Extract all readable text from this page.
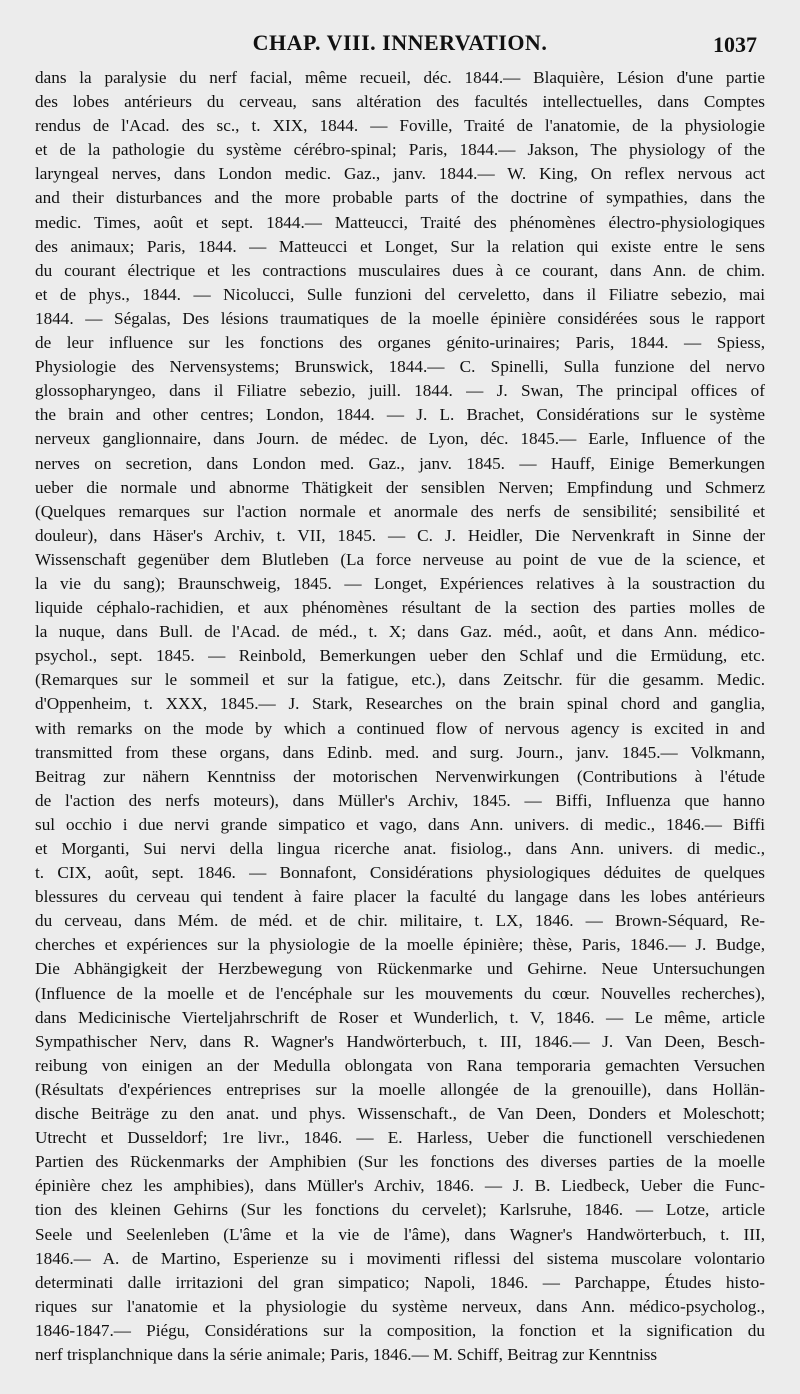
CHAP. VIII. INNERVATION.	1037
dans la paralysie du nerf facial, même recueil, déc. 1844.— Blaquière, Lésion d'une partie
des lobes antérieurs du cerveau, sans altération des facultés intellectuelles, dans Comptes
rendus de l'Acad. des sc., t. XIX, 1844. — Foville, Traité de l'anatomie, de la physiologie
et de la pathologie du système cérébro-spinal; Paris, 1844.— Jakson, The physiology of the
laryngeal nerves, dans London medic. Gaz., janv. 1844.— W. King, On reflex nervous act
and their disturbances and the more probable parts of the doctrine of sympathies, dans the
medic. Times, août et sept. 1844.— Matteucci, Traité des phénomènes électro-physiologiques
des animaux; Paris, 1844. — Matteucci et Longet, Sur la relation qui existe entre le sens
du courant électrique et les contractions musculaires dues à ce courant, dans Ann. de chim.
et de phys., 1844. — Nicolucci, Sulle funzioni del cerveletto, dans il Filiatre sebezio, mai
1844. — Ségalas, Des lésions traumatiques de la moelle épinière considérées sous le rapport
de leur influence sur les fonctions des organes génito-urinaires; Paris, 1844. — Spiess,
Physiologie des Nervensystems; Brunswick, 1844.— C. Spinelli, Sulla funzione del nervo
glossopharyngeo, dans il Filiatre sebezio, juill. 1844. — J. Swan, The principal offices of
the brain and other centres; London, 1844. — J. L. Brachet, Considérations sur le système
nerveux ganglionnaire, dans Journ. de médec. de Lyon, déc. 1845.— Earle, Influence of the
nerves on secretion, dans London med. Gaz., janv. 1845. — Hauff, Einige Bemerkungen
ueber die normale und abnorme Thätigkeit der sensiblen Nerven; Empfindung und Schmerz
(Quelques remarques sur l'action normale et anormale des nerfs de sensibilité; sensibilité et
douleur), dans Häser's Archiv, t. VII, 1845. — C. J. Heidler, Die Nervenkraft in Sinne der
Wissenschaft gegenüber dem Blutleben (La force nerveuse au point de vue de la science, et
la vie du sang); Braunschweig, 1845. — Longet, Expériences relatives à la soustraction du
liquide céphalo-rachidien, et aux phénomènes résultant de la section des parties molles de
la nuque, dans Bull. de l'Acad. de méd., t. X; dans Gaz. méd., août, et dans Ann. médico-
psychol., sept. 1845. — Reinbold, Bemerkungen ueber den Schlaf und die Ermüdung, etc.
(Remarques sur le sommeil et sur la fatigue, etc.), dans Zeitschr. für die gesamm. Medic.
d'Oppenheim, t. XXX, 1845.— J. Stark, Researches on the brain spinal chord and ganglia,
with remarks on the mode by which a continued flow of nervous agency is excited in and
transmitted from these organs, dans Edinb. med. and surg. Journ., janv. 1845.— Volkmann,
Beitrag zur nähern Kenntniss der motorischen Nervenwirkungen (Contributions à l'étude
de l'action des nerfs moteurs), dans Müller's Archiv, 1845. — Biffi, Influenza que hanno
sul occhio i due nervi grande simpatico et vago, dans Ann. univers. di medic., 1846.— Biffi
et Morganti, Sui nervi della lingua ricerche anat. fisiolog., dans Ann. univers. di medic.,
t. CIX, août, sept. 1846. — Bonnafont, Considérations physiologiques déduites de quelques
blessures du cerveau qui tendent à faire placer la faculté du langage dans les lobes antérieurs
du cerveau, dans Mém. de méd. et de chir. militaire, t. LX, 1846. — Brown-Séquard, Re-
cherches et expériences sur la physiologie de la moelle épinière; thèse, Paris, 1846.— J. Budge,
Die Abhängigkeit der Herzbewegung von Rückenmarke und Gehirne. Neue Untersuchungen
(Influence de la moelle et de l'encéphale sur les mouvements du cœur. Nouvelles recherches),
dans Medicinische Vierteljahrschrift de Roser et Wunderlich, t. V, 1846. — Le même, article
Sympathischer Nerv, dans R. Wagner's Handwörterbuch, t. III, 1846.— J. Van Deen, Besch-
reibung von einigen an der Medulla oblongata von Rana temporaria gemachten Versuchen
(Résultats d'expériences entreprises sur la moelle allongée de la grenouille), dans Hollän-
dische Beiträge zu den anat. und phys. Wissenschaft., de Van Deen, Donders et Moleschott;
Utrecht et Dusseldorf; 1re livr., 1846. — E. Harless, Ueber die functionell verschiedenen
Partien des Rückenmarks der Amphibien (Sur les fonctions des diverses parties de la moelle
épinière chez les amphibies), dans Müller's Archiv, 1846. — J. B. Liedbeck, Ueber die Func-
tion des kleinen Gehirns (Sur les fonctions du cervelet); Karlsruhe, 1846. — Lotze, article
Seele und Seelenleben (L'âme et la vie de l'âme), dans Wagner's Handwörterbuch, t. III,
1846.— A. de Martino, Esperienze su i movimenti riflessi del sistema muscolare volontario
determinati dalle irritazioni del gran simpatico; Napoli, 1846. — Parchappe, Études histo-
riques sur l'anatomie et la physiologie du système nerveux, dans Ann. médico-psycholog.,
1846-1847.— Piégu, Considérations sur la composition, la fonction et la signification du
nerf trisplanchnique dans la série animale; Paris, 1846.— M. Schiff, Beitrag zur Kenntniss
